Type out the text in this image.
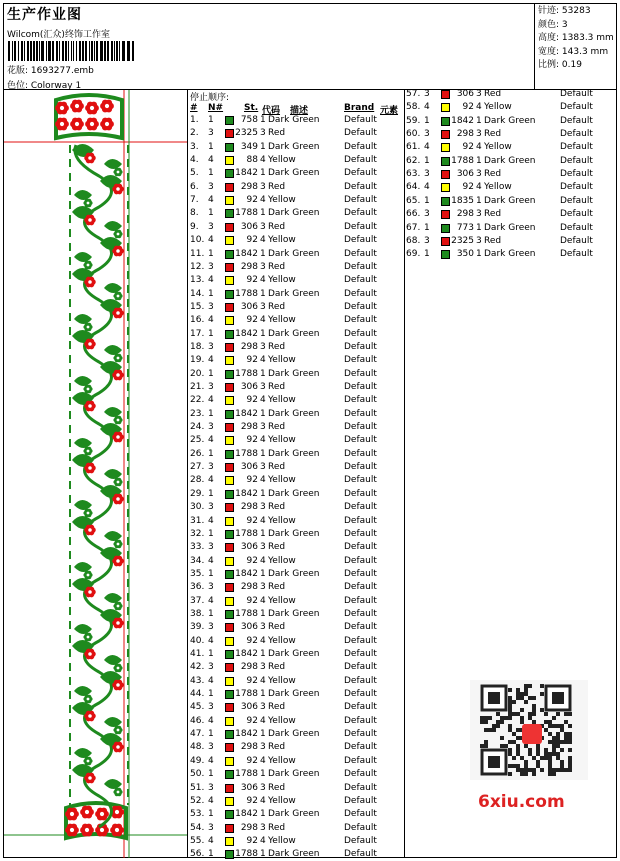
生产作业图
Wilcom(汇众)终饰工作室
花版: 1693277.emb
色位: Colorway 1
针迹: 53283
颜色: 3
高度: 1383.3 mm
宽度: 143.3 mm
比例: 0.19
停止顺序:
# N# St. 代码 描述	Brand 元素
1. 1	758 1 Dark Green	Default
2. 3 2325 3 Red	Default
3. 1	349 1 Dark Green	Default
4. 4	88 4 Yellow	Default
5. 1 1842 1 Dark Green	Default
6. 3	298 3 Red	Default
7. 4	92 4 Yellow	Default
8. 1 1788 1 Dark Green	Default
9. 3	306 3 Red	Default
10. 4	92 4 Yellow	Default
11. 1 1842 1 Dark Green	Default
12. 3	298 3 Red	Default
13. 4	92 4 Yellow	Default
14. 1 1788 1 Dark Green	Default
15. 3	306 3 Red	Default
16. 4	92 4 Yellow	Default
17. 1 1842 1 Dark Green	Default
18. 3	298 3 Red	Default
19. 4	92 4 Yellow	Default
20. 1 1788 1 Dark Green	Default
21. 3	306 3 Red	Default
22. 4	92 4 Yellow	Default
23. 1 1842 1 Dark Green	Default
24. 3	298 3 Red	Default
25. 4	92 4 Yellow	Default
26. 1 1788 1 Dark Green	Default
27. 3	306 3 Red	Default
28. 4	92 4 Yellow	Default
29. 1 1842 1 Dark Green	Default
30. 3	298 3 Red	Default
31. 4	92 4 Yellow	Default
32. 1 1788 1 Dark Green	Default
33. 3	306 3 Red	Default
34. 4	92 4 Yellow	Default
35. 1 1842 1 Dark Green	Default
36. 3	298 3 Red	Default
37. 4	92 4 Yellow	Default
38. 1 1788 1 Dark Green	Default
39. 3	306 3 Red	Default
40. 4	92 4 Yellow	Default
41. 1 1842 1 Dark Green	Default
42. 3	298 3 Red	Default
43. 4	92 4 Yellow	Default
44. 1 1788 1 Dark Green	Default
45. 3	306 3 Red	Default
46. 4	92 4 Yellow	Default
47. 1 1842 1 Dark Green	Default
48. 3	298 3 Red	Default
49. 4	92 4 Yellow	Default
50. 1 1788 1 Dark Green	Default
51. 3	306 3 Red	Default
52. 4	92 4 Yellow	Default
53. 1 1842 1 Dark Green	Default
54. 3	298 3 Red	Default
55. 4	92 4 Yellow	Default
56. 1 1788 1 Dark Green	Default
57. 3	306 3 Red	Default
58. 4	92 4 Yellow	Default
59. 1 1842 1 Dark Green	Default
60. 3	298 3 Red	Default
61. 4	92 4 Yellow	Default
62. 1 1788 1 Dark Green	Default
63. 3	306 3 Red	Default
64. 4	92 4 Yellow	Default
65. 1 1835 1 Dark Green	Default
66. 3	298 3 Red	Default
67. 1	773 1 Dark Green	Default
68. 3 2325 3 Red	Default
69. 1	350 1 Dark Green	Default
6xiu.com
